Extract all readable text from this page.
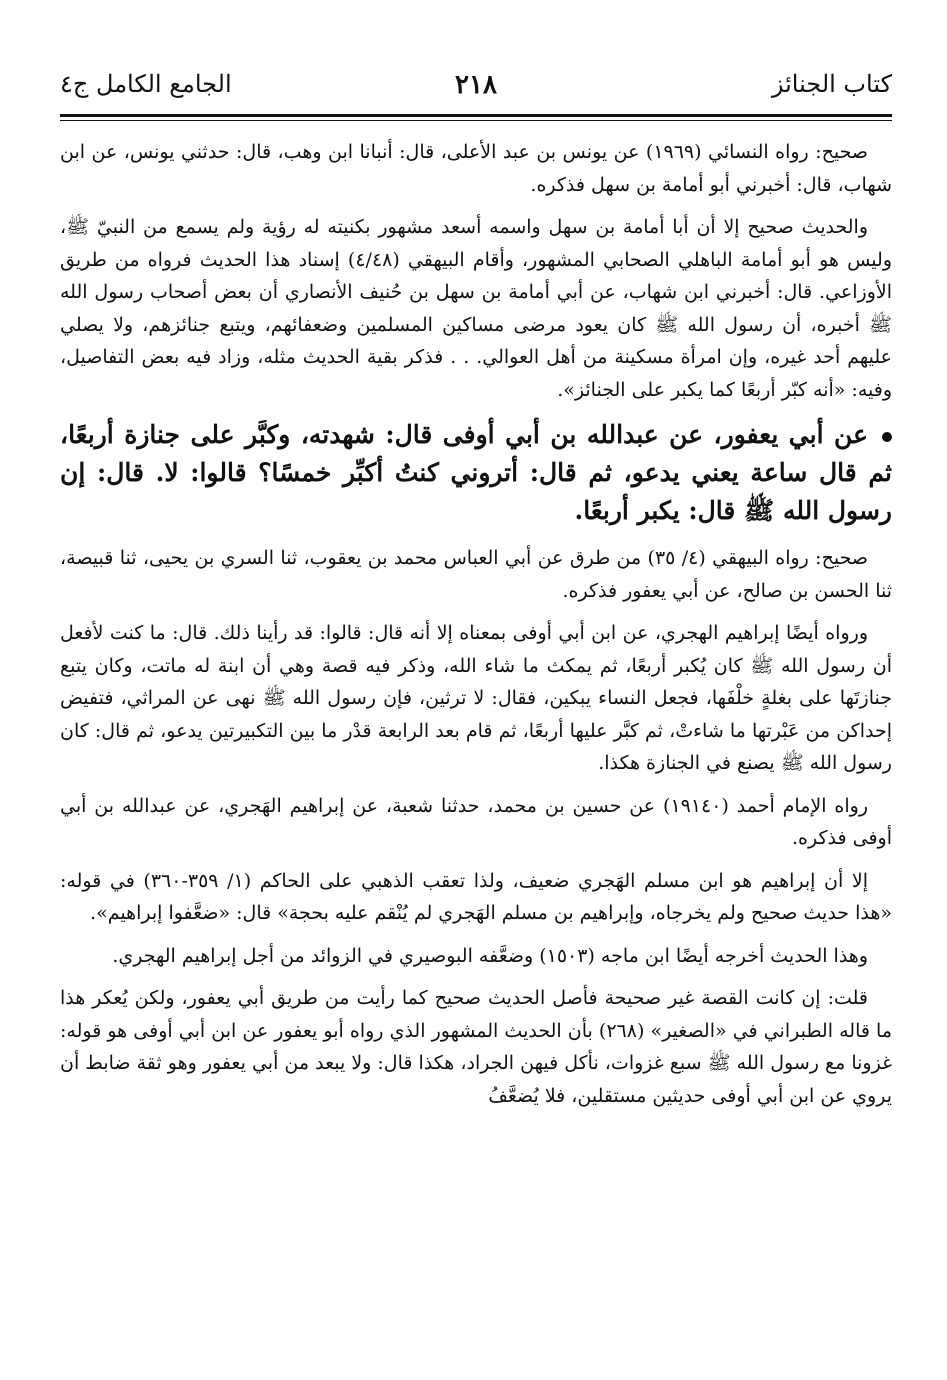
كتاب الجنائز
٢١٨
الجامع الكامل ج٤

صحيح: رواه النسائي (١٩٦٩) عن يونس بن عبد الأعلى، قال: أنبانا ابن وهب، قال: حدثني يونس، عن ابن شهاب، قال: أخبرني أبو أمامة بن سهل فذكره.

والحديث صحيح إلا أن أبا أمامة بن سهل واسمه أسعد مشهور بكنيته له رؤية ولم يسمع من النبيّ ﷺ، وليس هو أبو أمامة الباهلي الصحابي المشهور، وأقام البيهقي (٤/٤٨) إسناد هذا الحديث فرواه من طريق الأوزاعي. قال: أخبرني ابن شهاب، عن أبي أمامة بن سهل بن حُنيف الأنصاري أن بعض أصحاب رسول الله ﷺ أخبره، أن رسول الله ﷺ كان يعود مرضى مساكين المسلمين وضعفائهم، ويتبع جنائزهم، ولا يصلي عليهم أحد غيره، وإن امرأة مسكينة من أهل العوالي. . . فذكر بقية الحديث مثله، وزاد فيه بعض التفاصيل، وفيه: «أنه كبّر أربعًا كما يكبر على الجنائز».

عن أبي يعفور، عن عبدالله بن أبي أوفى قال: شهدته، وكبَّر على جنازة أربعًا، ثم قال ساعة يعني يدعو، ثم قال: أتروني كنتُ أكبِّر خمسًا؟ قالوا: لا. قال: إن رسول الله ﷺ قال: يكبر أربعًا.

صحيح: رواه البيهقي (٤/ ٣٥) من طرق عن أبي العباس محمد بن يعقوب، ثنا السري بن يحيى، ثنا قبيصة، ثنا الحسن بن صالح، عن أبي يعفور فذكره.

ورواه أيضًا إبراهيم الهجري، عن ابن أبي أوفى بمعناه إلا أنه قال: قالوا: قد رأينا ذلك. قال: ما كنت لأفعل أن رسول الله ﷺ كان يُكبر أربعًا، ثم يمكث ما شاء الله، وذكر فيه قصة وهي أن ابنة له ماتت، وكان يتبع جنازتَها على بغلةٍ خلْفَها، فجعل النساء يبكين، فقال: لا ترثين، فإن رسول الله ﷺ نهى عن المراثي، فتفيض إحداكن من عَبْرتها ما شاءتْ، ثم كبَّر عليها أربعًا، ثم قام بعد الرابعة قدْر ما بين التكبيرتين يدعو، ثم قال: كان رسول الله ﷺ يصنع في الجنازة هكذا.

رواه الإمام أحمد (١٩١٤٠) عن حسين بن محمد، حدثنا شعبة، عن إبراهيم الهَجري، عن عبدالله بن أبي أوفى فذكره.

إلا أن إبراهيم هو ابن مسلم الهَجري ضعيف، ولذا تعقب الذهبي على الحاكم (١/ ٣٥٩-٣٦٠) في قوله: «هذا حديث صحيح ولم يخرجاه، وإبراهيم بن مسلم الهَجري لم يُنْقم عليه بحجة» قال: «ضعَّفوا إبراهيم».

وهذا الحديث أخرجه أيضًا ابن ماجه (١٥٠٣) وضعَّفه البوصيري في الزوائد من أجل إبراهيم الهجري.

قلت: إن كانت القصة غير صحيحة فأصل الحديث صحيح كما رأيت من طريق أبي يعفور، ولكن يُعكر هذا ما قاله الطبراني في «الصغير» (٢٦٨) بأن الحديث المشهور الذي رواه أبو يعفور عن ابن أبي أوفى هو قوله: غزونا مع رسول الله ﷺ سبع غزوات، نأكل فيهن الجراد، هكذا قال: ولا يبعد من أبي يعفور وهو ثقة ضابط أن يروي عن ابن أبي أوفى حديثين مستقلين، فلا يُضعَّفُ
